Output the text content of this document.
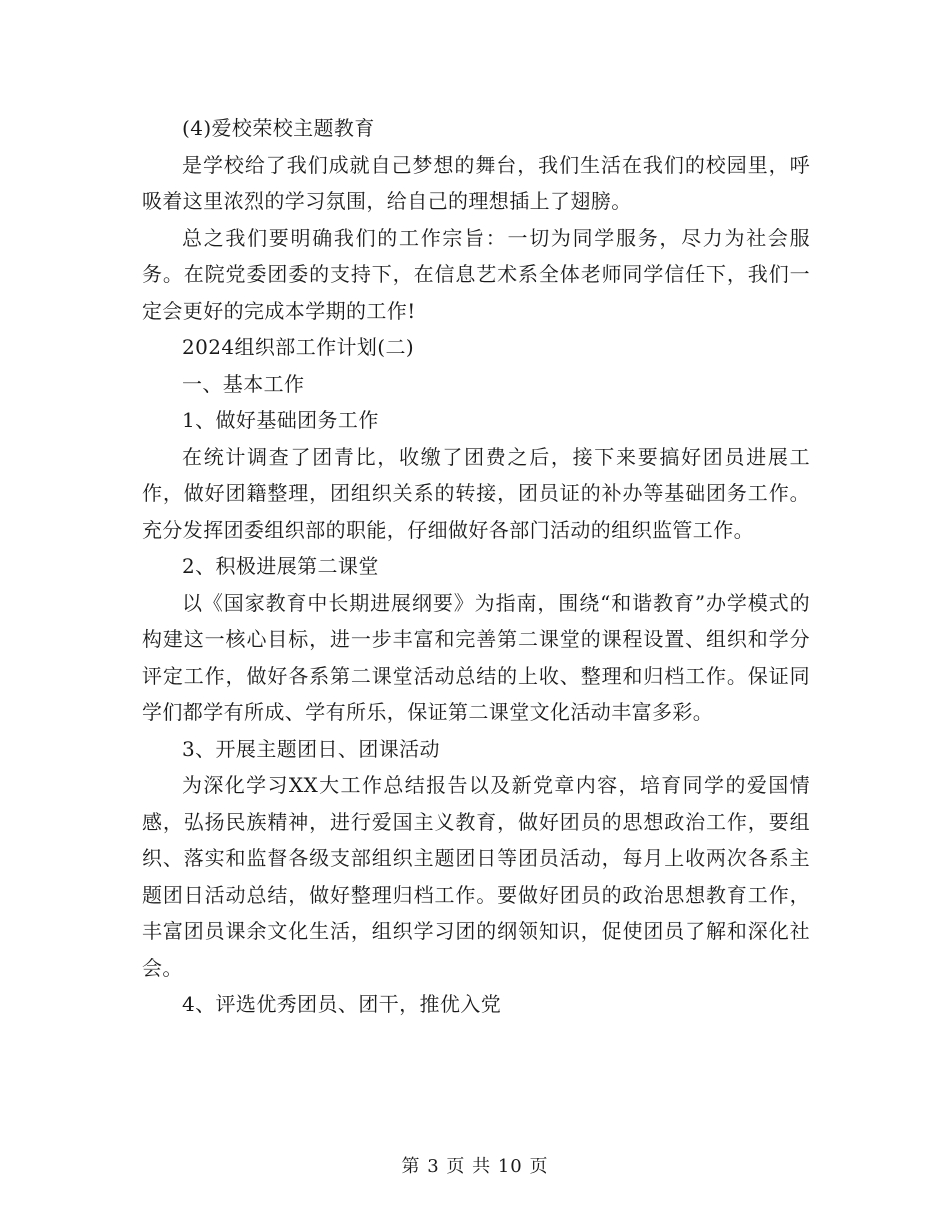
(4)爱校荣校主题教育

是学校给了我们成就自己梦想的舞台，我们生活在我们的校园里，呼吸着这里浓烈的学习氛围，给自己的理想插上了翅膀。

总之我们要明确我们的工作宗旨：一切为同学服务，尽力为社会服务。在院党委团委的支持下，在信息艺术系全体老师同学信任下，我们一定会更好的完成本学期的工作!

2024组织部工作计划(二)

一、基本工作

1、做好基础团务工作

在统计调查了团青比，收缴了团费之后，接下来要搞好团员进展工作，做好团籍整理，团组织关系的转接，团员证的补办等基础团务工作。充分发挥团委组织部的职能，仔细做好各部门活动的组织监管工作。

2、积极进展第二课堂

以《国家教育中长期进展纲要》为指南，围绕“和谐教育”办学模式的构建这一核心目标，进一步丰富和完善第二课堂的课程设置、组织和学分评定工作，做好各系第二课堂活动总结的上收、整理和归档工作。保证同学们都学有所成、学有所乐，保证第二课堂文化活动丰富多彩。

3、开展主题团日、团课活动

为深化学习XX大工作总结报告以及新党章内容，培育同学的爱国情感，弘扬民族精神，进行爱国主义教育，做好团员的思想政治工作，要组织、落实和监督各级支部组织主题团日等团员活动，每月上收两次各系主题团日活动总结，做好整理归档工作。要做好团员的政治思想教育工作，丰富团员课余文化生活，组织学习团的纲领知识，促使团员了解和深化社会。

4、评选优秀团员、团干，推优入党

第 3 页 共 10 页
